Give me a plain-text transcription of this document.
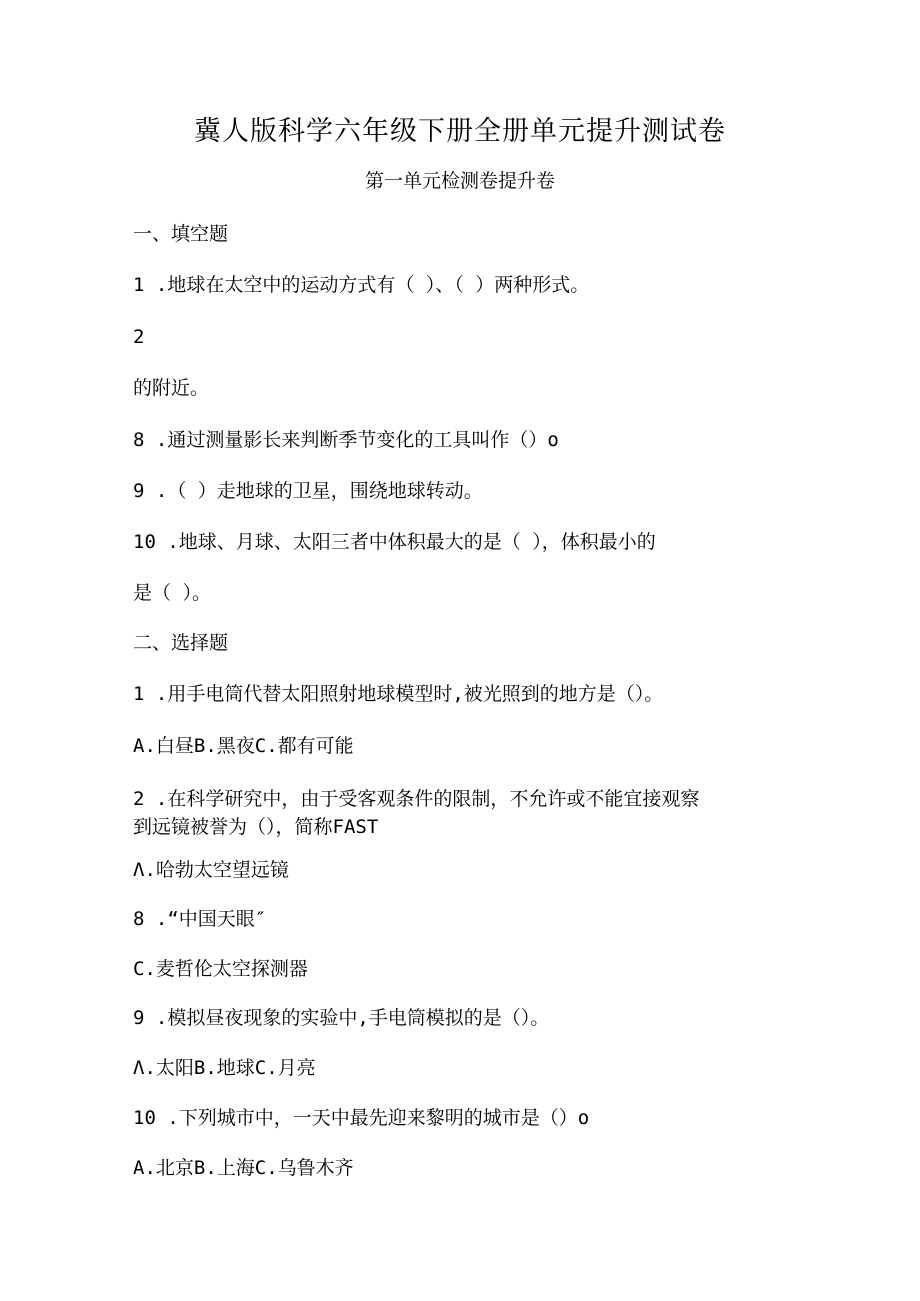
冀人版科学六年级下册全册单元提升测试卷
第一单元检测卷提升卷
一、填空题
1 .地球在太空中的运动方式有（ ）、（ ）两种形式。
2
的附近。
8 .通过测量影长来判断季节变化的工具叫作（）o
9 .（ ）走地球的卫星，围绕地球转动。
10 .地球、月球、太阳三者中体积最大的是（ ），体积最小的
是（ ）。
二、选择题
1 .用手电筒代替太阳照射地球模型时,被光照到的地方是（）。
A.白昼B.黑夜C.都有可能
2 .在科学研究中，由于受客观条件的限制，不允许或不能宜接观察
到远镜被誉为（），简称FAST
Λ.哈勃太空望远镜
8 .“中国天眼″
C.麦哲伦太空探测器
9 .模拟昼夜现象的实验中,手电筒模拟的是（）。
Λ.太阳B.地球C.月亮
10 .下列城市中，一天中最先迎来黎明的城市是（）o
A.北京B.上海C.乌鲁木齐
